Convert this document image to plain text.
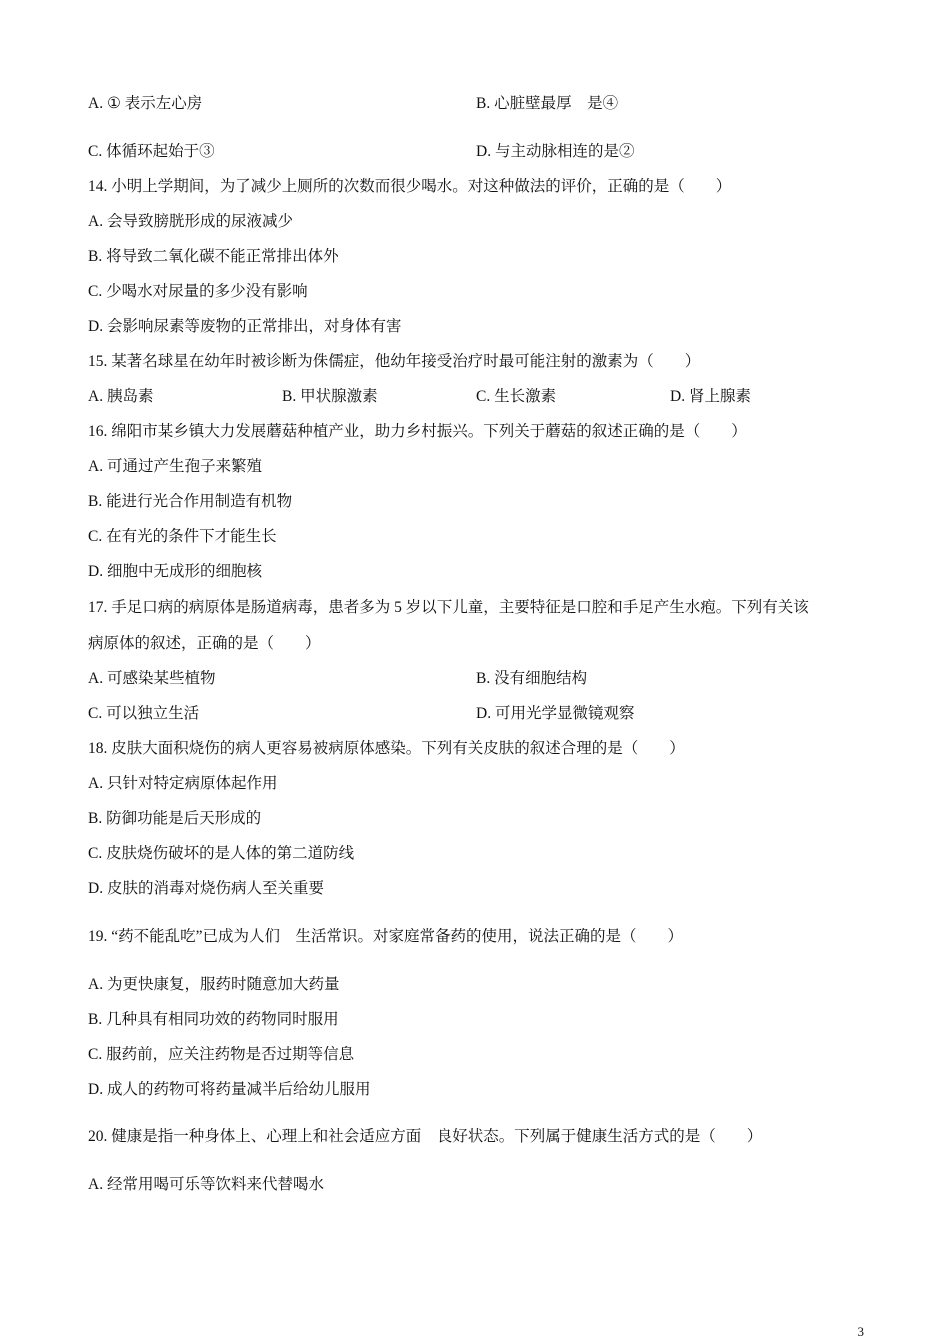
A. ① 表示左心房	B. 心脏壁最厚　是④
C. 体循环起始于③	D. 与主动脉相连的是②
14. 小明上学期间，为了减少上厕所的次数而很少喝水。对这种做法的评价，正确的是（　　）
A. 会导致膀胱形成的尿液减少
B. 将导致二氧化碳不能正常排出体外
C. 少喝水对尿量的多少没有影响
D. 会影响尿素等废物的正常排出，对身体有害
15. 某著名球星在幼年时被诊断为侏儒症，他幼年接受治疗时最可能注射的激素为（　　）
A. 胰岛素	B. 甲状腺激素	C. 生长激素	D. 肾上腺素
16. 绵阳市某乡镇大力发展蘑菇种植产业，助力乡村振兴。下列关于蘑菇的叙述正确的是（　　）
A. 可通过产生孢子来繁殖
B. 能进行光合作用制造有机物
C. 在有光的条件下才能生长
D. 细胞中无成形的细胞核
17. 手足口病的病原体是肠道病毒，患者多为 5 岁以下儿童，主要特征是口腔和手足产生水疱。下列有关该
病原体的叙述，正确的是（　　）
A. 可感染某些植物	B. 没有细胞结构
C. 可以独立生活	D. 可用光学显微镜观察
18. 皮肤大面积烧伤的病人更容易被病原体感染。下列有关皮肤的叙述合理的是（　　）
A. 只针对特定病原体起作用
B. 防御功能是后天形成的
C. 皮肤烧伤破坏的是人体的第二道防线
D. 皮肤的消毒对烧伤病人至关重要
19. “药不能乱吃”已成为人们　生活常识。对家庭常备药的使用，说法正确的是（　　）
A. 为更快康复，服药时随意加大药量
B. 几种具有相同功效的药物同时服用
C. 服药前，应关注药物是否过期等信息
D. 成人的药物可将药量减半后给幼儿服用
20. 健康是指一种身体上、心理上和社会适应方面　良好状态。下列属于健康生活方式的是（　　）
A. 经常用喝可乐等饮料来代替喝水
3
